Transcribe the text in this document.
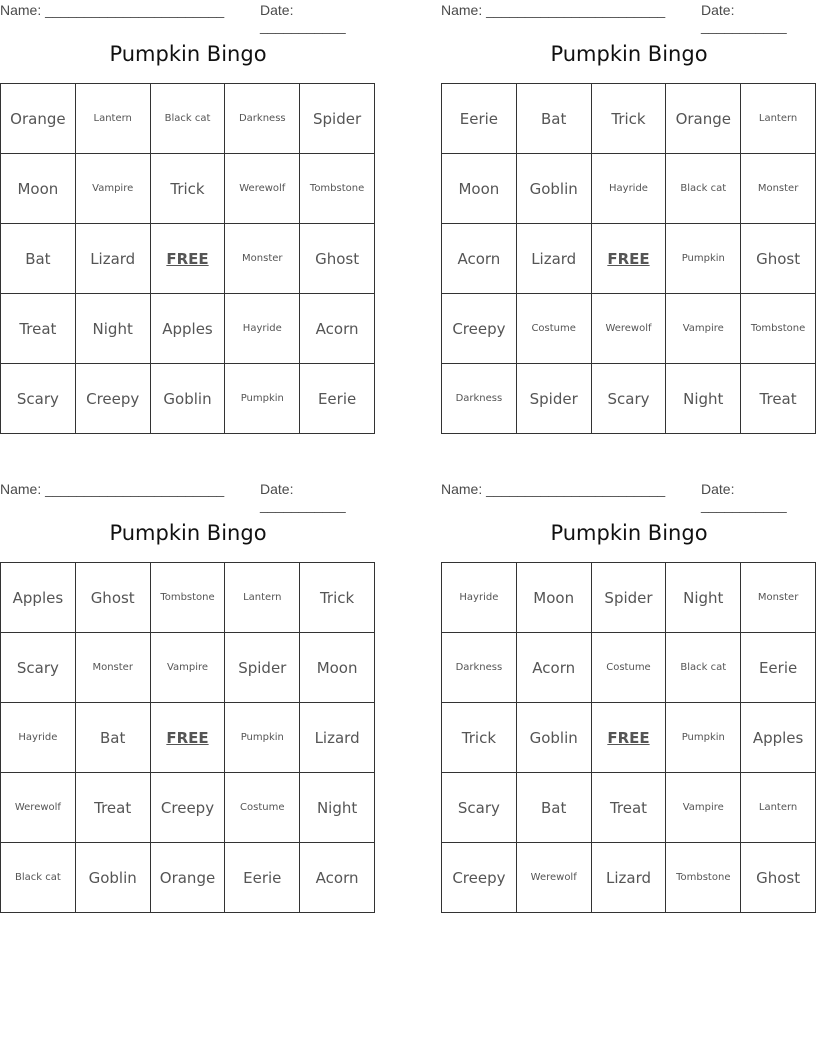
Name: _______________________	Date: ___________
Pumpkin Bingo
Orange	Lantern	Black cat	Darkness	Spider
Moon	Vampire	Trick	Werewolf	Tombstone
Bat	Lizard	FREE	Monster	Ghost
Treat	Night	Apples	Hayride	Acorn
Scary	Creepy	Goblin	Pumpkin	Eerie
Name: _______________________	Date: ___________
Pumpkin Bingo
Eerie	Bat	Trick	Orange	Lantern
Moon	Goblin	Hayride	Black cat	Monster
Acorn	Lizard	FREE	Pumpkin	Ghost
Creepy	Costume	Werewolf	Vampire	Tombstone
Darkness	Spider	Scary	Night	Treat
Name: _______________________	Date: ___________
Pumpkin Bingo
Apples	Ghost	Tombstone	Lantern	Trick
Scary	Monster	Vampire	Spider	Moon
Hayride	Bat	FREE	Pumpkin	Lizard
Werewolf	Treat	Creepy	Costume	Night
Black cat	Goblin	Orange	Eerie	Acorn
Name: _______________________	Date: ___________
Pumpkin Bingo
Hayride	Moon	Spider	Night	Monster
Darkness	Acorn	Costume	Black cat	Eerie
Trick	Goblin	FREE	Pumpkin	Apples
Scary	Bat	Treat	Vampire	Lantern
Creepy	Werewolf	Lizard	Tombstone	Ghost
